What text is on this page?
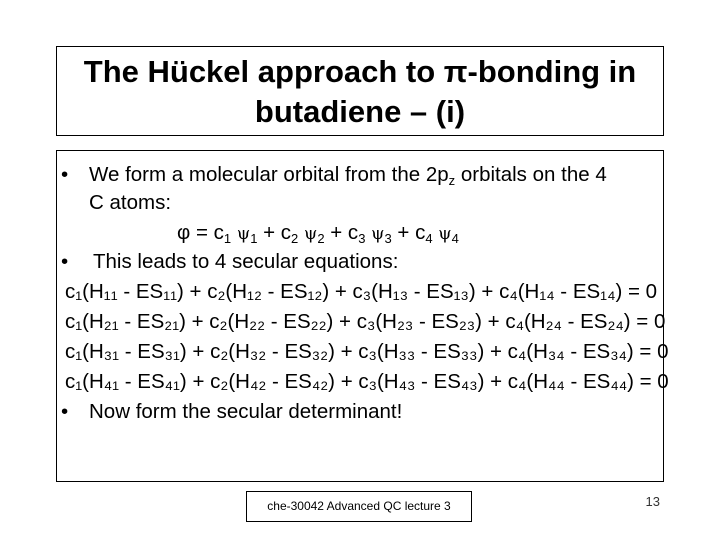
The Hückel approach to π-bonding in
butadiene – (i)
• We form a molecular orbital from the $2p_z$ orbitals on the 4
C atoms:
$\varphi = c_1$ $\psi_1 + c_2$ $\psi_2 + c_3$ $\psi_3 + c_4$ $\psi_4$
• This leads to 4 secular equations:
c₁(H₁₁ - ES₁₁) + c₂(H₁₂ - ES₁₂) + c₃(H₁₃ - ES₁₃) + c₄(H₁₄ - ES₁₄) = 0
c₁(H₂₁ - ES₂₁) + c₂(H₂₂ - ES₂₂) + c₃(H₂₃ - ES₂₃) + c₄(H₂₄ - ES₂₄) = 0
c₁(H₃₁ - ES₃₁) + c₂(H₃₂ - ES₃₂) + c₃(H₃₃ - ES₃₃) + c₄(H₃₄ - ES₃₄) = 0
c₁(H₄₁ - ES₄₁) + c₂(H₄₂ - ES₄₂) + c₃(H₄₃ - ES₄₃) + c₄(H₄₄ - ES₄₄) = 0
• Now form the secular determinant!
che-30042 Advanced QC lecture 3	13
